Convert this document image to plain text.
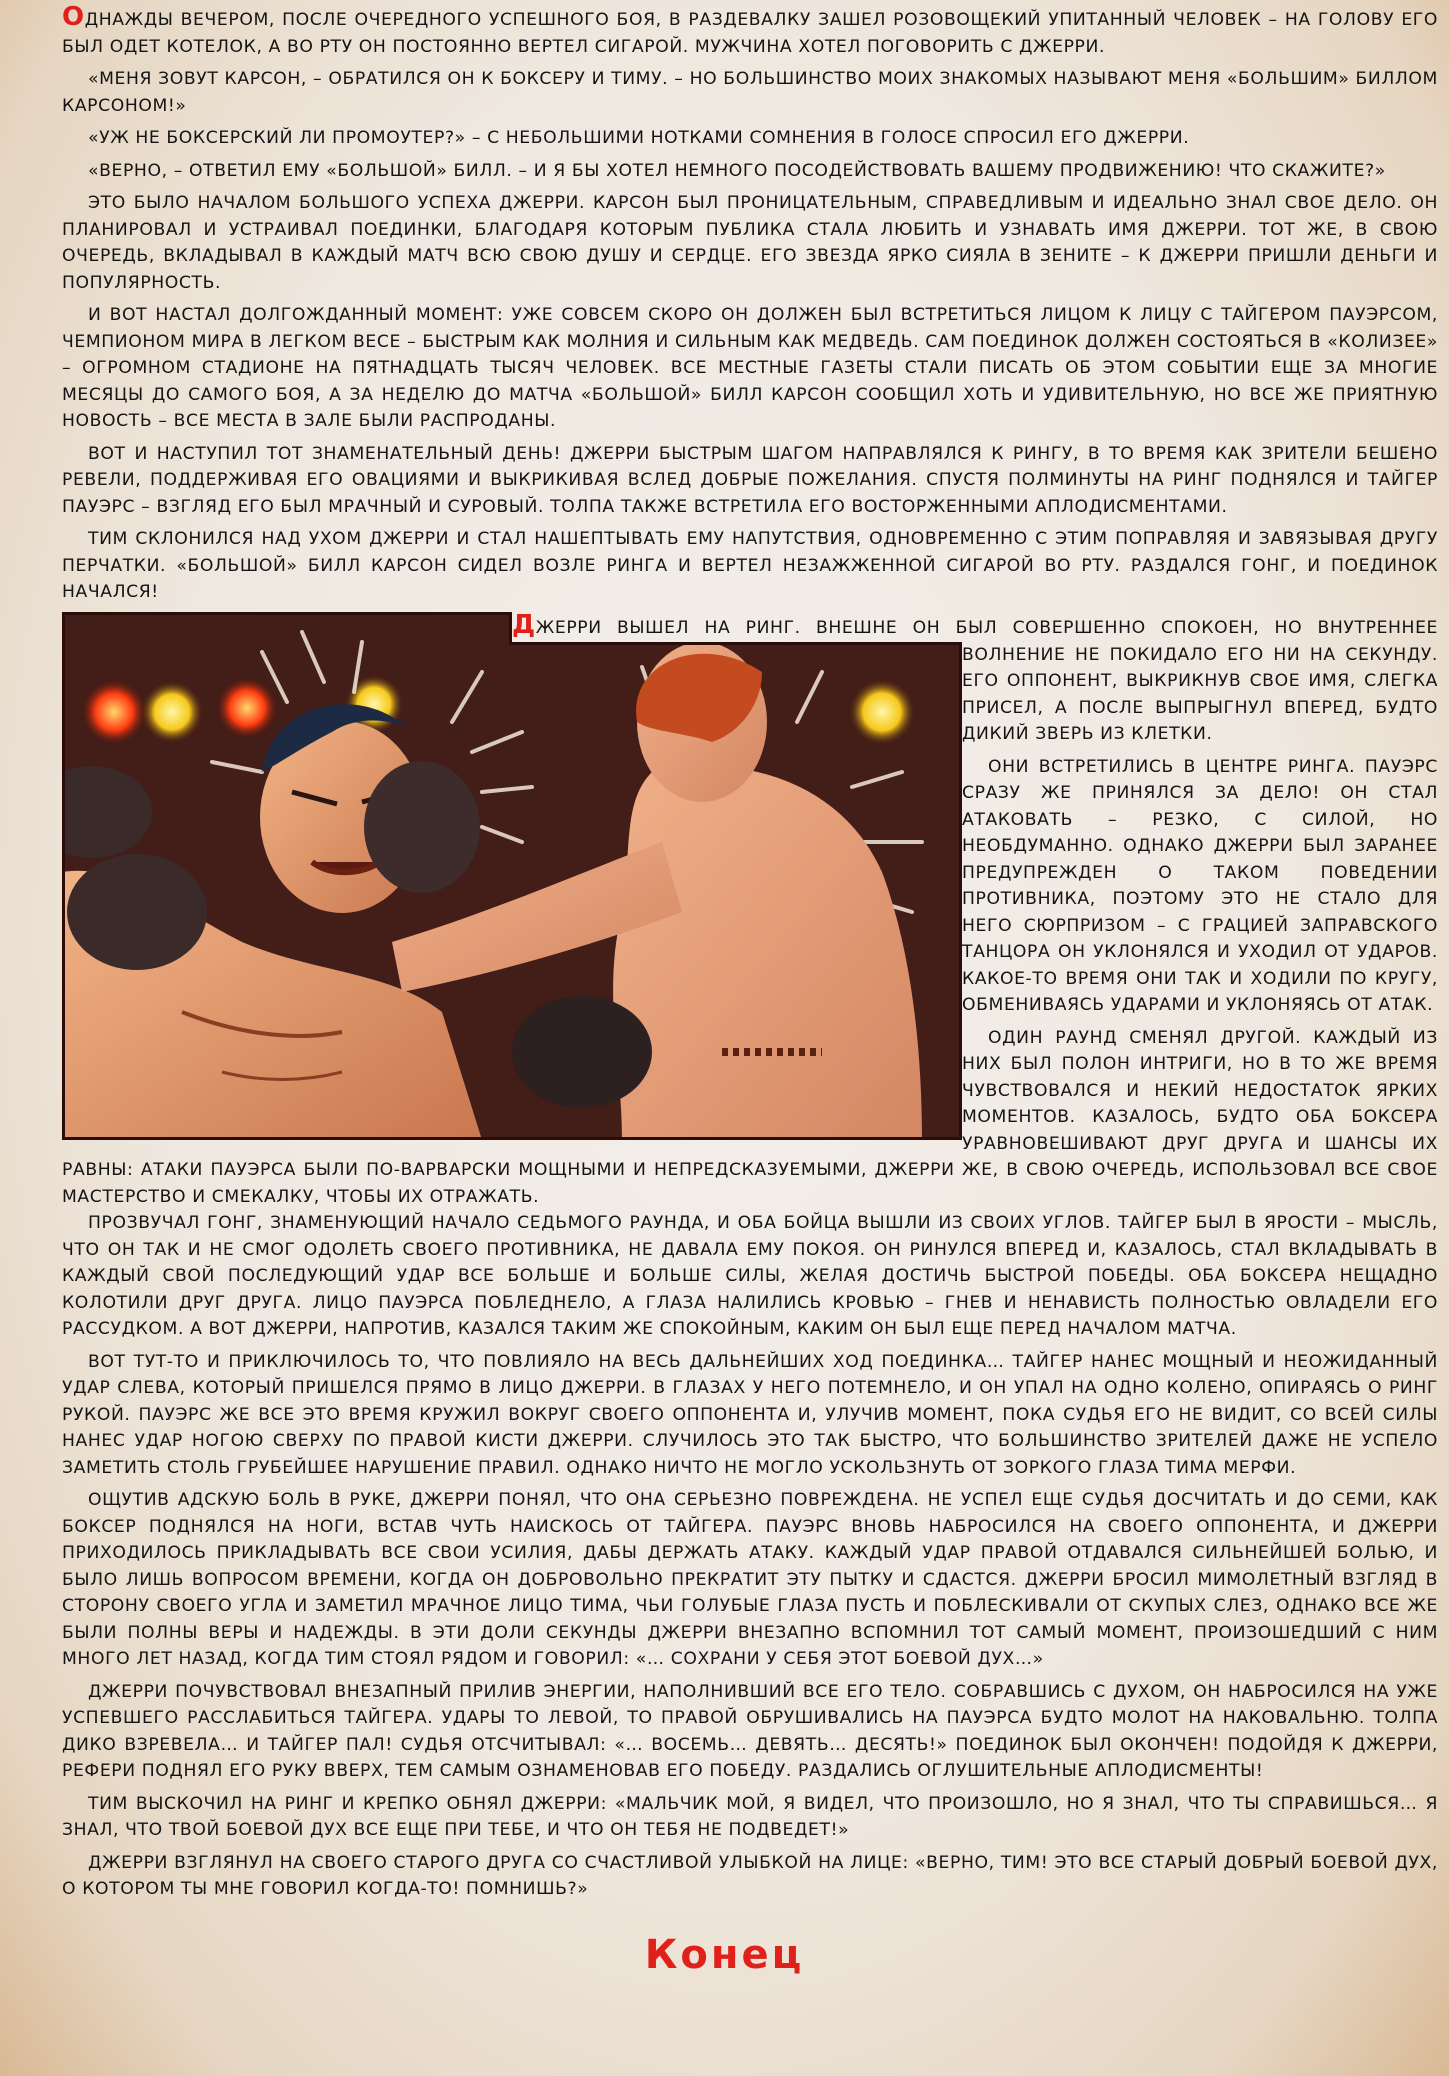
ОДНАЖДЫ ВЕЧЕРОМ, ПОСЛЕ ОЧЕРЕДНОГО УСПЕШНОГО БОЯ, В РАЗДЕВАЛКУ ЗАШЕЛ РОЗОВОЩЕКИЙ УПИТАННЫЙ ЧЕЛОВЕК – НА ГОЛОВУ ЕГО БЫЛ ОДЕТ КОТЕЛОК, А ВО РТУ ОН ПОСТОЯННО ВЕРТЕЛ СИГАРОЙ. МУЖЧИНА ХОТЕЛ ПОГОВОРИТЬ С ДЖЕРРИ.

«МЕНЯ ЗОВУТ КАРСОН, – ОБРАТИЛСЯ ОН К БОКСЕРУ И ТИМУ. – НО БОЛЬШИНСТВО МОИХ ЗНАКОМЫХ НАЗЫВАЮТ МЕНЯ «БОЛЬШИМ» БИЛЛОМ КАРСОНОМ!»

«УЖ НЕ БОКСЕРСКИЙ ЛИ ПРОМОУТЕР?» – С НЕБОЛЬШИМИ НОТКАМИ СОМНЕНИЯ В ГОЛОСЕ СПРОСИЛ ЕГО ДЖЕРРИ.

«ВЕРНО, – ОТВЕТИЛ ЕМУ «БОЛЬШОЙ» БИЛЛ. – И Я БЫ ХОТЕЛ НЕМНОГО ПОСОДЕЙСТВОВАТЬ ВАШЕМУ ПРОДВИЖЕНИЮ! ЧТО СКАЖИТЕ?»

ЭТО БЫЛО НАЧАЛОМ БОЛЬШОГО УСПЕХА ДЖЕРРИ. КАРСОН БЫЛ ПРОНИЦАТЕЛЬНЫМ, СПРАВЕДЛИВЫМ И ИДЕАЛЬНО ЗНАЛ СВОЕ ДЕЛО. ОН ПЛАНИРОВАЛ И УСТРАИВАЛ ПОЕДИНКИ, БЛАГОДАРЯ КОТОРЫМ ПУБЛИКА СТАЛА ЛЮБИТЬ И УЗНАВАТЬ ИМЯ ДЖЕРРИ. ТОТ ЖЕ, В СВОЮ ОЧЕРЕДЬ, ВКЛАДЫВАЛ В КАЖДЫЙ МАТЧ ВСЮ СВОЮ ДУШУ И СЕРДЦЕ. ЕГО ЗВЕЗДА ЯРКО СИЯЛА В ЗЕНИТЕ – К ДЖЕРРИ ПРИШЛИ ДЕНЬГИ И ПОПУЛЯРНОСТЬ.

И ВОТ НАСТАЛ ДОЛГОЖДАННЫЙ МОМЕНТ: УЖЕ СОВСЕМ СКОРО ОН ДОЛЖЕН БЫЛ ВСТРЕТИТЬСЯ ЛИЦОМ К ЛИЦУ С ТАЙГЕРОМ ПАУЭРСОМ, ЧЕМПИОНОМ МИРА В ЛЕГКОМ ВЕСЕ – БЫСТРЫМ КАК МОЛНИЯ И СИЛЬНЫМ КАК МЕДВЕДЬ. САМ ПОЕДИНОК ДОЛЖЕН СОСТОЯТЬСЯ В «КОЛИЗЕЕ» – ОГРОМНОМ СТАДИОНЕ НА ПЯТНАДЦАТЬ ТЫСЯЧ ЧЕЛОВЕК. ВСЕ МЕСТНЫЕ ГАЗЕТЫ СТАЛИ ПИСАТЬ ОБ ЭТОМ СОБЫТИИ ЕЩЕ ЗА МНОГИЕ МЕСЯЦЫ ДО САМОГО БОЯ, А ЗА НЕДЕЛЮ ДО МАТЧА «БОЛЬШОЙ» БИЛЛ КАРСОН СООБЩИЛ ХОТЬ И УДИВИТЕЛЬНУЮ, НО ВСЕ ЖЕ ПРИЯТНУЮ НОВОСТЬ – ВСЕ МЕСТА В ЗАЛЕ БЫЛИ РАСПРОДАНЫ.

ВОТ И НАСТУПИЛ ТОТ ЗНАМЕНАТЕЛЬНЫЙ ДЕНЬ! ДЖЕРРИ БЫСТРЫМ ШАГОМ НАПРАВЛЯЛСЯ К РИНГУ, В ТО ВРЕМЯ КАК ЗРИТЕЛИ БЕШЕНО РЕВЕЛИ, ПОДДЕРЖИВАЯ ЕГО ОВАЦИЯМИ И ВЫКРИКИВАЯ ВСЛЕД ДОБРЫЕ ПОЖЕЛАНИЯ. СПУСТЯ ПОЛМИНУТЫ НА РИНГ ПОДНЯЛСЯ И ТАЙГЕР ПАУЭРС – ВЗГЛЯД ЕГО БЫЛ МРАЧНЫЙ И СУРОВЫЙ. ТОЛПА ТАКЖЕ ВСТРЕТИЛА ЕГО ВОСТОРЖЕННЫМИ АПЛОДИСМЕНТАМИ.

ТИМ СКЛОНИЛСЯ НАД УХОМ ДЖЕРРИ И СТАЛ НАШЕПТЫВАТЬ ЕМУ НАПУТСТВИЯ, ОДНОВРЕМЕННО С ЭТИМ ПОПРАВЛЯЯ И ЗАВЯЗЫВАЯ ДРУГУ ПЕРЧАТКИ. «БОЛЬШОЙ» БИЛЛ КАРСОН СИДЕЛ ВОЗЛЕ РИНГА И ВЕРТЕЛ НЕЗАЖЖЕННОЙ СИГАРОЙ ВО РТУ. РАЗДАЛСЯ ГОНГ, И ПОЕДИНОК НАЧАЛСЯ!

ДЖЕРРИ ВЫШЕЛ НА РИНГ. ВНЕШНЕ ОН БЫЛ СОВЕРШЕННО СПОКОЕН, НО ВНУТРЕННЕЕ ВОЛНЕНИЕ НЕ ПОКИДАЛО ЕГО НИ НА СЕКУНДУ. ЕГО ОППОНЕНТ, ВЫКРИКНУВ СВОЕ ИМЯ, СЛЕГКА ПРИСЕЛ, А ПОСЛЕ ВЫПРЫГНУЛ ВПЕРЕД, БУДТО ДИКИЙ ЗВЕРЬ ИЗ КЛЕТКИ.

ОНИ ВСТРЕТИЛИСЬ В ЦЕНТРЕ РИНГА. ПАУЭРС СРАЗУ ЖЕ ПРИНЯЛСЯ ЗА ДЕЛО! ОН СТАЛ АТАКОВАТЬ – РЕЗКО, С СИЛОЙ, НО НЕОБДУМАННО. ОДНАКО ДЖЕРРИ БЫЛ ЗАРАНЕЕ ПРЕДУПРЕЖДЕН О ТАКОМ ПОВЕДЕНИИ ПРОТИВНИКА, ПОЭТОМУ ЭТО НЕ СТАЛО ДЛЯ НЕГО СЮРПРИЗОМ – С ГРАЦИЕЙ ЗАПРАВСКОГО ТАНЦОРА ОН УКЛОНЯЛСЯ И УХОДИЛ ОТ УДАРОВ. КАКОЕ-ТО ВРЕМЯ ОНИ ТАК И ХОДИЛИ ПО КРУГУ, ОБМЕНИВАЯСЬ УДАРАМИ И УКЛОНЯЯСЬ ОТ АТАК.

ОДИН РАУНД СМЕНЯЛ ДРУГОЙ. КАЖДЫЙ ИЗ НИХ БЫЛ ПОЛОН ИНТРИГИ, НО В ТО ЖЕ ВРЕМЯ ЧУВСТВОВАЛСЯ И НЕКИЙ НЕДОСТАТОК ЯРКИХ МОМЕНТОВ. КАЗАЛОСЬ, БУДТО ОБА БОКСЕРА УРАВНОВЕШИВАЮТ ДРУГ ДРУГА И ШАНСЫ ИХ РАВНЫ: АТАКИ ПАУЭРСА БЫЛИ ПО-ВАРВАРСКИ МОЩНЫМИ И НЕПРЕДСКАЗУЕМЫМИ, ДЖЕРРИ ЖЕ, В СВОЮ ОЧЕРЕДЬ, ИСПОЛЬЗОВАЛ ВСЕ СВОЕ МАСТЕРСТВО И СМЕКАЛКУ, ЧТОБЫ ИХ ОТРАЖАТЬ.

ПРОЗВУЧАЛ ГОНГ, ЗНАМЕНУЮЩИЙ НАЧАЛО СЕДЬМОГО РАУНДА, И ОБА БОЙЦА ВЫШЛИ ИЗ СВОИХ УГЛОВ. ТАЙГЕР БЫЛ В ЯРОСТИ – МЫСЛЬ, ЧТО ОН ТАК И НЕ СМОГ ОДОЛЕТЬ СВОЕГО ПРОТИВНИКА, НЕ ДАВАЛА ЕМУ ПОКОЯ. ОН РИНУЛСЯ ВПЕРЕД И, КАЗАЛОСЬ, СТАЛ ВКЛАДЫВАТЬ В КАЖДЫЙ СВОЙ ПОСЛЕДУЮЩИЙ УДАР ВСЕ БОЛЬШЕ И БОЛЬШЕ СИЛЫ, ЖЕЛАЯ ДОСТИЧЬ БЫСТРОЙ ПОБЕДЫ. ОБА БОКСЕРА НЕЩАДНО КОЛОТИЛИ ДРУГ ДРУГА. ЛИЦО ПАУЭРСА ПОБЛЕДНЕЛО, А ГЛАЗА НАЛИЛИСЬ КРОВЬЮ – ГНЕВ И НЕНАВИСТЬ ПОЛНОСТЬЮ ОВЛАДЕЛИ ЕГО РАССУДКОМ. А ВОТ ДЖЕРРИ, НАПРОТИВ, КАЗАЛСЯ ТАКИМ ЖЕ СПОКОЙНЫМ, КАКИМ ОН БЫЛ ЕЩЕ ПЕРЕД НАЧАЛОМ МАТЧА.

ВОТ ТУТ-ТО И ПРИКЛЮЧИЛОСЬ ТО, ЧТО ПОВЛИЯЛО НА ВЕСЬ ДАЛЬНЕЙШИХ ХОД ПОЕДИНКА… ТАЙГЕР НАНЕС МОЩНЫЙ И НЕОЖИДАННЫЙ УДАР СЛЕВА, КОТОРЫЙ ПРИШЕЛСЯ ПРЯМО В ЛИЦО ДЖЕРРИ. В ГЛАЗАХ У НЕГО ПОТЕМНЕЛО, И ОН УПАЛ НА ОДНО КОЛЕНО, ОПИРАЯСЬ О РИНГ РУКОЙ. ПАУЭРС ЖЕ ВСЕ ЭТО ВРЕМЯ КРУЖИЛ ВОКРУГ СВОЕГО ОППОНЕНТА И, УЛУЧИВ МОМЕНТ, ПОКА СУДЬЯ ЕГО НЕ ВИДИТ, СО ВСЕЙ СИЛЫ НАНЕС УДАР НОГОЮ СВЕРХУ ПО ПРАВОЙ КИСТИ ДЖЕРРИ. СЛУЧИЛОСЬ ЭТО ТАК БЫСТРО, ЧТО БОЛЬШИНСТВО ЗРИТЕЛЕЙ ДАЖЕ НЕ УСПЕЛО ЗАМЕТИТЬ СТОЛЬ ГРУБЕЙШЕЕ НАРУШЕНИЕ ПРАВИЛ. ОДНАКО НИЧТО НЕ МОГЛО УСКОЛЬЗНУТЬ ОТ ЗОРКОГО ГЛАЗА ТИМА МЕРФИ.

ОЩУТИВ АДСКУЮ БОЛЬ В РУКЕ, ДЖЕРРИ ПОНЯЛ, ЧТО ОНА СЕРЬЕЗНО ПОВРЕЖДЕНА. НЕ УСПЕЛ ЕЩЕ СУДЬЯ ДОСЧИТАТЬ И ДО СЕМИ, КАК БОКСЕР ПОДНЯЛСЯ НА НОГИ, ВСТАВ ЧУТЬ НАИСКОСЬ ОТ ТАЙГЕРА. ПАУЭРС ВНОВЬ НАБРОСИЛСЯ НА СВОЕГО ОППОНЕНТА, И ДЖЕРРИ ПРИХОДИЛОСЬ ПРИКЛАДЫВАТЬ ВСЕ СВОИ УСИЛИЯ, ДАБЫ ДЕРЖАТЬ АТАКУ. КАЖДЫЙ УДАР ПРАВОЙ ОТДАВАЛСЯ СИЛЬНЕЙШЕЙ БОЛЬЮ, И БЫЛО ЛИШЬ ВОПРОСОМ ВРЕМЕНИ, КОГДА ОН ДОБРОВОЛЬНО ПРЕКРАТИТ ЭТУ ПЫТКУ И СДАСТСЯ. ДЖЕРРИ БРОСИЛ МИМОЛЕТНЫЙ ВЗГЛЯД В СТОРОНУ СВОЕГО УГЛА И ЗАМЕТИЛ МРАЧНОЕ ЛИЦО ТИМА, ЧЬИ ГОЛУБЫЕ ГЛАЗА ПУСТЬ И ПОБЛЕСКИВАЛИ ОТ СКУПЫХ СЛЕЗ, ОДНАКО ВСЕ ЖЕ БЫЛИ ПОЛНЫ ВЕРЫ И НАДЕЖДЫ. В ЭТИ ДОЛИ СЕКУНДЫ ДЖЕРРИ ВНЕЗАПНО ВСПОМНИЛ ТОТ САМЫЙ МОМЕНТ, ПРОИЗОШЕДШИЙ С НИМ МНОГО ЛЕТ НАЗАД, КОГДА ТИМ СТОЯЛ РЯДОМ И ГОВОРИЛ: «… СОХРАНИ У СЕБЯ ЭТОТ БОЕВОЙ ДУХ…»

ДЖЕРРИ ПОЧУВСТВОВАЛ ВНЕЗАПНЫЙ ПРИЛИВ ЭНЕРГИИ, НАПОЛНИВШИЙ ВСЕ ЕГО ТЕЛО. СОБРАВШИСЬ С ДУХОМ, ОН НАБРОСИЛСЯ НА УЖЕ УСПЕВШЕГО РАССЛАБИТЬСЯ ТАЙГЕРА. УДАРЫ ТО ЛЕВОЙ, ТО ПРАВОЙ ОБРУШИВАЛИСЬ НА ПАУЭРСА БУДТО МОЛОТ НА НАКОВАЛЬНЮ. ТОЛПА ДИКО ВЗРЕВЕЛА… И ТАЙГЕР ПАЛ! СУДЬЯ ОТСЧИТЫВАЛ: «… ВОСЕМЬ… ДЕВЯТЬ… ДЕСЯТЬ!» ПОЕДИНОК БЫЛ ОКОНЧЕН! ПОДОЙДЯ К ДЖЕРРИ, РЕФЕРИ ПОДНЯЛ ЕГО РУКУ ВВЕРХ, ТЕМ САМЫМ ОЗНАМЕНОВАВ ЕГО ПОБЕДУ. РАЗДАЛИСЬ ОГЛУШИТЕЛЬНЫЕ АПЛОДИСМЕНТЫ!

ТИМ ВЫСКОЧИЛ НА РИНГ И КРЕПКО ОБНЯЛ ДЖЕРРИ: «МАЛЬЧИК МОЙ, Я ВИДЕЛ, ЧТО ПРОИЗОШЛО, НО Я ЗНАЛ, ЧТО ТЫ СПРАВИШЬСЯ… Я ЗНАЛ, ЧТО ТВОЙ БОЕВОЙ ДУХ ВСЕ ЕЩЕ ПРИ ТЕБЕ, И ЧТО ОН ТЕБЯ НЕ ПОДВЕДЕТ!»

ДЖЕРРИ ВЗГЛЯНУЛ НА СВОЕГО СТАРОГО ДРУГА СО СЧАСТЛИВОЙ УЛЫБКОЙ НА ЛИЦЕ: «ВЕРНО, ТИМ! ЭТО ВСЕ СТАРЫЙ ДОБРЫЙ БОЕВОЙ ДУХ, О КОТОРОМ ТЫ МНЕ ГОВОРИЛ КОГДА-ТО! ПОМНИШЬ?»

Конец
